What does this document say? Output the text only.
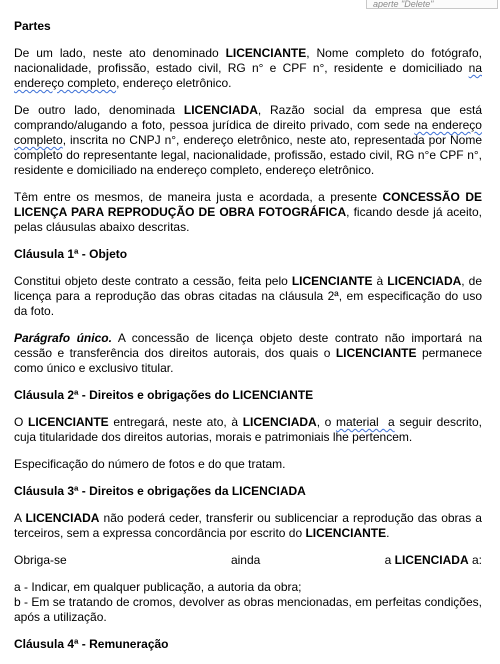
aperte "Delete"
Partes

De um lado, neste ato denominado LICENCIANTE, Nome completo do fotógrafo, nacionalidade, profissão, estado civil, RG n° e CPF n°, residente e domiciliado na endereço completo, endereço eletrônico.

De outro lado, denominada LICENCIADA, Razão social da empresa que está comprando/alugando a foto, pessoa jurídica de direito privado, com sede na endereço completo, inscrita no CNPJ n°, endereço eletrônico, neste ato, representada por Nome completo do representante legal, nacionalidade, profissão, estado civil, RG n°e CPF n°, residente e domiciliado na endereço completo, endereço eletrônico.

Têm entre os mesmos, de maneira justa e acordada, a presente CONCESSÃO DE LICENÇA PARA REPRODUÇÃO DE OBRA FOTOGRÁFICA, ficando desde já aceito, pelas cláusulas abaixo descritas.

Cláusula 1ª - Objeto

Constitui objeto deste contrato a cessão, feita pelo LICENCIANTE à LICENCIADA, de licença para a reprodução das obras citadas na cláusula 2ª, em especificação do uso da foto.

Parágrafo único. A concessão de licença objeto deste contrato não importará na cessão e transferência dos direitos autorais, dos quais o LICENCIANTE permanece como único e exclusivo titular.

Cláusula 2ª - Direitos e obrigações do LICENCIANTE

O LICENCIANTE entregará, neste ato, à LICENCIADA, o material  a seguir descrito, cuja titularidade dos direitos autorias, morais e patrimoniais lhe pertencem.

Especificação do número de fotos e do que tratam.

Cláusula 3ª - Direitos e obrigações da LICENCIADA

A LICENCIADA não poderá ceder, transferir ou sublicenciar a reprodução das obras a terceiros, sem a expressa concordância por escrito do LICENCIANTE.

Obriga-se	ainda	a LICENCIADA a:

a - Indicar, em qualquer publicação, a autoria da obra;

b - Em se tratando de cromos, devolver as obras mencionadas, em perfeitas condições, após a utilização.

Cláusula 4ª - Remuneração
